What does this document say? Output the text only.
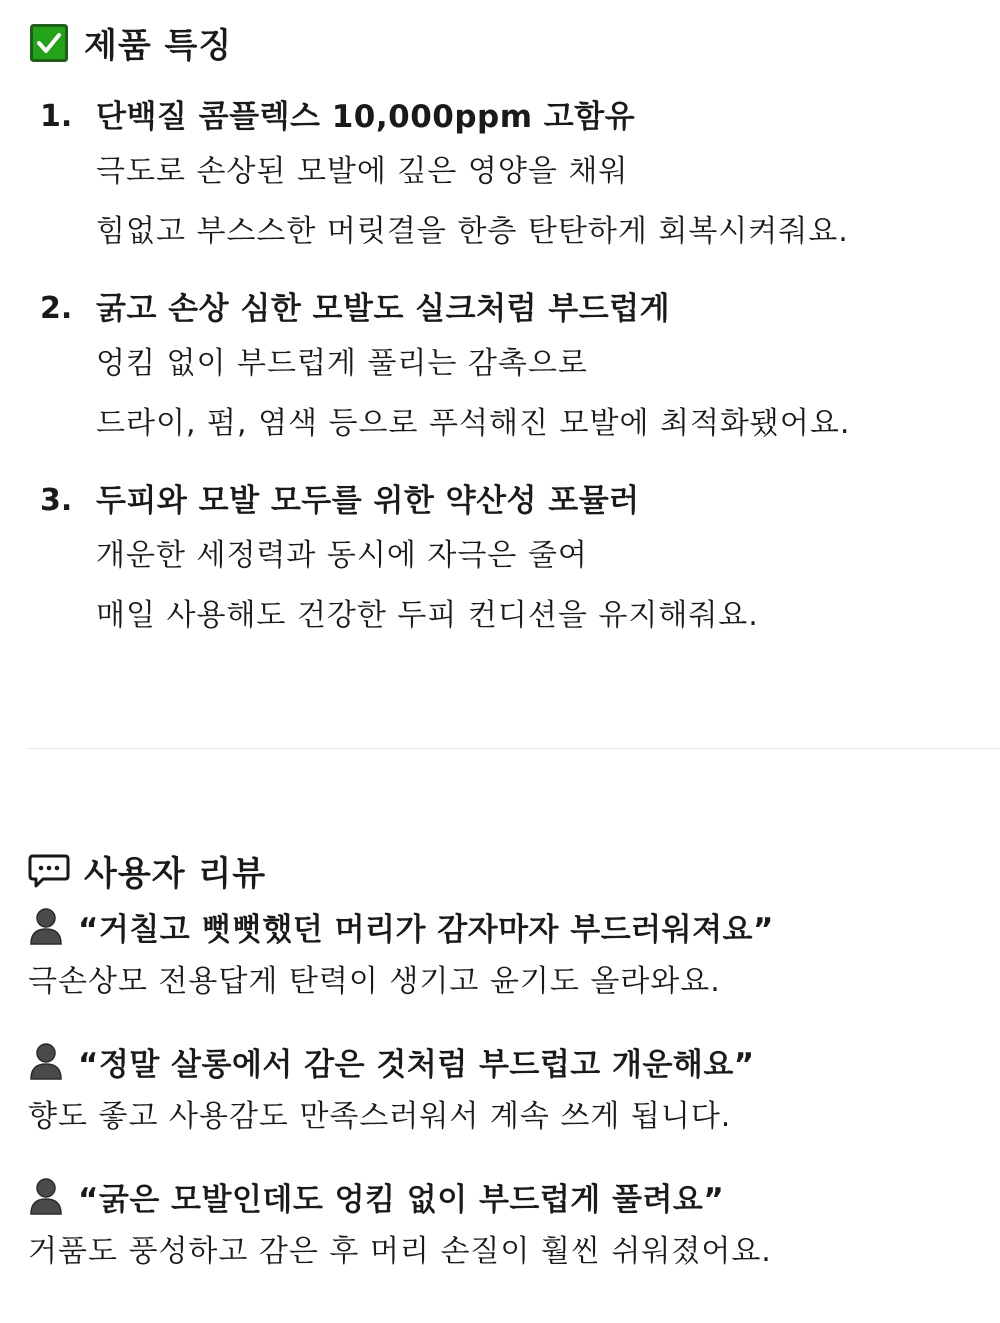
제품 특징
1. 단백질 콤플렉스 10,000ppm 고함유
극도로 손상된 모발에 깊은 영양을 채워
힘없고 부스스한 머릿결을 한층 탄탄하게 회복시켜줘요.
2. 굵고 손상 심한 모발도 실크처럼 부드럽게
엉킴 없이 부드럽게 풀리는 감촉으로
드라이, 펌, 염색 등으로 푸석해진 모발에 최적화됐어요.
3. 두피와 모발 모두를 위한 약산성 포뮬러
개운한 세정력과 동시에 자극은 줄여
매일 사용해도 건강한 두피 컨디션을 유지해줘요.
사용자 리뷰
“거칠고 뻣뻣했던 머리가 감자마자 부드러워져요”
극손상모 전용답게 탄력이 생기고 윤기도 올라와요.
“정말 살롱에서 감은 것처럼 부드럽고 개운해요”
향도 좋고 사용감도 만족스러워서 계속 쓰게 됩니다.
“굵은 모발인데도 엉킴 없이 부드럽게 풀려요”
거품도 풍성하고 감은 후 머리 손질이 훨씬 쉬워졌어요.
